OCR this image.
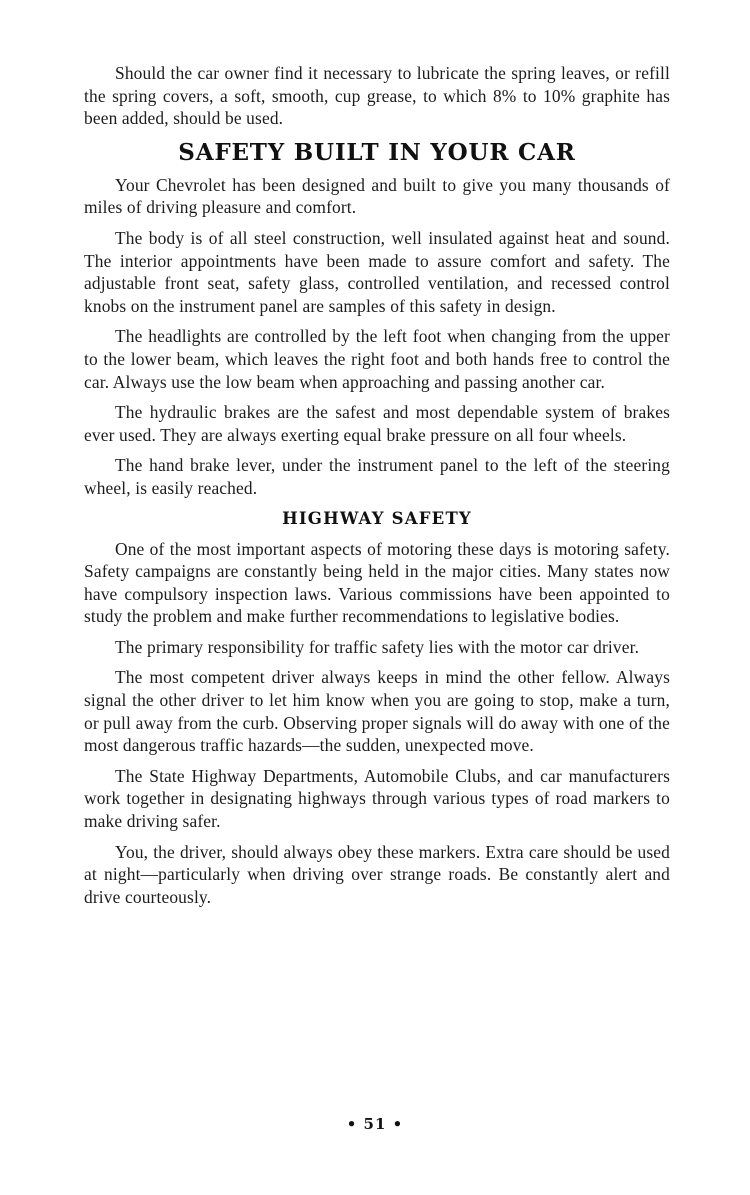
Should the car owner find it necessary to lubricate the spring leaves, or refill the spring covers, a soft, smooth, cup grease, to which 8% to 10% graphite has been added, should be used.

SAFETY BUILT IN YOUR CAR

Your Chevrolet has been designed and built to give you many thousands of miles of driving pleasure and comfort.

The body is of all steel construction, well insulated against heat and sound. The interior appointments have been made to assure comfort and safety. The adjustable front seat, safety glass, controlled ventilation, and recessed control knobs on the instrument panel are samples of this safety in design.

The headlights are controlled by the left foot when changing from the upper to the lower beam, which leaves the right foot and both hands free to control the car. Always use the low beam when approaching and passing another car.

The hydraulic brakes are the safest and most dependable system of brakes ever used. They are always exerting equal brake pressure on all four wheels.

The hand brake lever, under the instrument panel to the left of the steering wheel, is easily reached.

HIGHWAY SAFETY

One of the most important aspects of motoring these days is motoring safety. Safety campaigns are constantly being held in the major cities. Many states now have compulsory inspection laws. Various commissions have been appointed to study the problem and make further recommendations to legislative bodies.

The primary responsibility for traffic safety lies with the motor car driver.

The most competent driver always keeps in mind the other fellow. Always signal the other driver to let him know when you are going to stop, make a turn, or pull away from the curb. Observing proper signals will do away with one of the most dangerous traffic hazards—the sudden, unexpected move.

The State Highway Departments, Automobile Clubs, and car manufacturers work together in designating highways through various types of road markers to make driving safer.

You, the driver, should always obey these markers. Extra care should be used at night—particularly when driving over strange roads. Be constantly alert and drive courteously.

• 51 •
